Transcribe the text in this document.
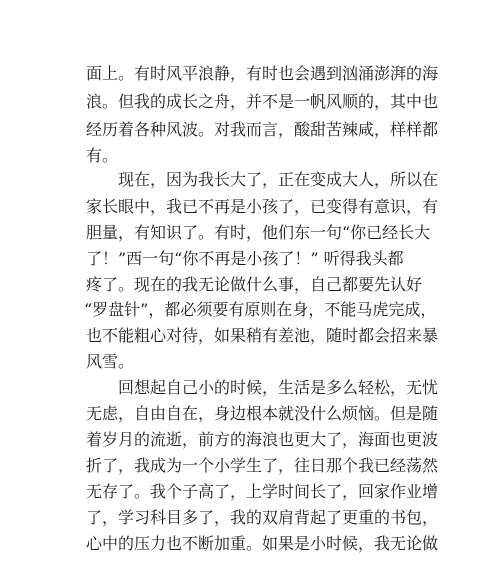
面上。有时风平浪静，有时也会遇到汹涌澎湃的海
浪。但我的成长之舟，并不是一帆风顺的，其中也
经历着各种风波。对我而言，酸甜苦辣咸，样样都
有。
现在，因为我长大了，正在变成大人，所以在
家长眼中，我已不再是小孩了，已变得有意识，有
胆量，有知识了。有时，他们东一句“你已经长大
了！”西一句“你不再是小孩了！” 听得我头都
疼了。现在的我无论做什么事，自己都要先认好
“罗盘针”，都必须要有原则在身，不能马虎完成，
也不能粗心对待，如果稍有差池，随时都会招来暴
风雪。
回想起自己小的时候，生活是多么轻松，无忧
无虑，自由自在，身边根本就没什么烦恼。但是随
着岁月的流逝，前方的海浪也更大了，海面也更波
折了，我成为一个小学生了，往日那个我已经荡然
无存了。我个子高了，上学时间长了，回家作业增
了，学习科目多了，我的双肩背起了更重的书包，
心中的压力也不断加重。如果是小时候，我无论做
